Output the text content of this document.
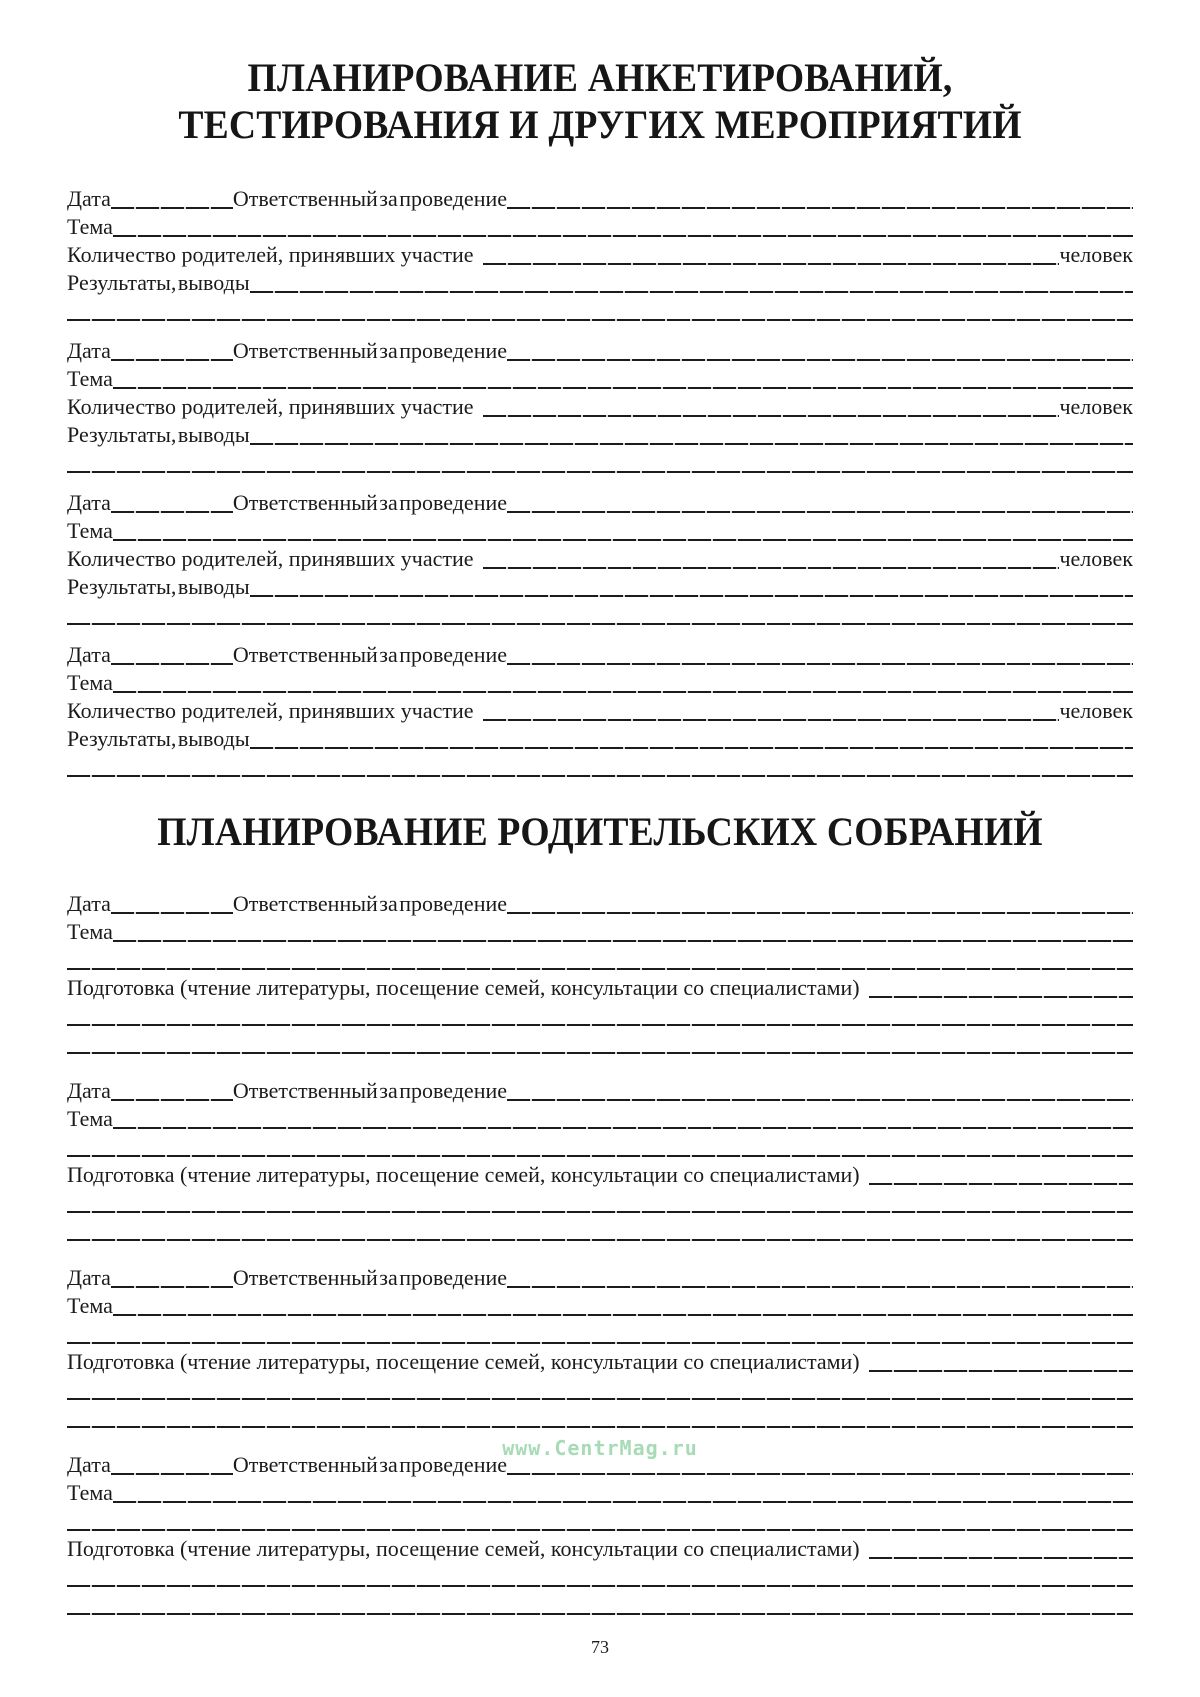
ПЛАНИРОВАНИЕ АНКЕТИРОВАНИЙ,
ТЕСТИРОВАНИЯ И ДРУГИХ МЕРОПРИЯТИЙ
Дата	Ответственный за проведение
Тема
Количество родителей, принявших участие	человек
Результаты, выводы
Дата	Ответственный за проведение
Тема
Количество родителей, принявших участие	человек
Результаты, выводы
Дата	Ответственный за проведение
Тема
Количество родителей, принявших участие	человек
Результаты, выводы
Дата	Ответственный за проведение
Тема
Количество родителей, принявших участие	человек
Результаты, выводы
ПЛАНИРОВАНИЕ РОДИТЕЛЬСКИХ СОБРАНИЙ
Дата	Ответственный за проведение
Тема
Подготовка (чтение литературы, посещение семей, консультации со специалистами)
Дата	Ответственный за проведение
Тема
Подготовка (чтение литературы, посещение семей, консультации со специалистами)
Дата	Ответственный за проведение
Тема
Подготовка (чтение литературы, посещение семей, консультации со специалистами)
www.CentrMag.ru
Дата	Ответственный за проведение
Тема
Подготовка (чтение литературы, посещение семей, консультации со специалистами)
73
